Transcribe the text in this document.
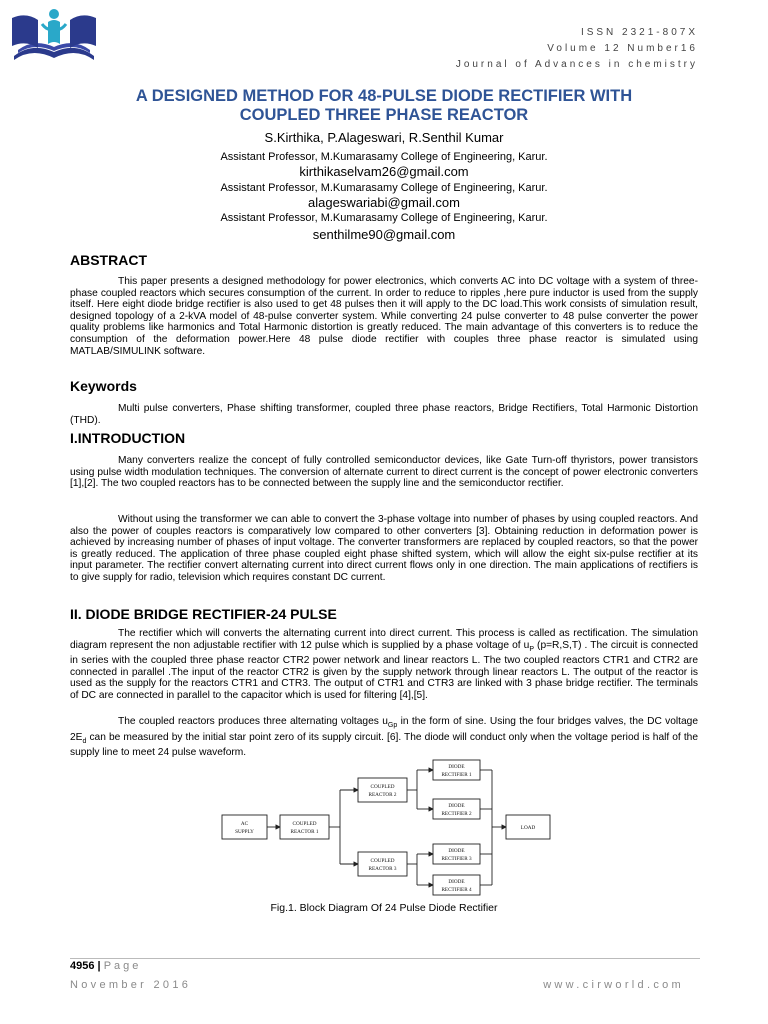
ISSN 2321-807X
Volume 12 Number16
Journal of Advances in chemistry
A DESIGNED METHOD FOR 48-PULSE DIODE RECTIFIER WITH
COUPLED THREE PHASE REACTOR
S.Kirthika, P.Alageswari, R.Senthil Kumar
Assistant Professor, M.Kumarasamy College of Engineering, Karur.
kirthikaselvam26@gmail.com
Assistant Professor, M.Kumarasamy College of Engineering, Karur.
alageswariabi@gmail.com
Assistant Professor, M.Kumarasamy College of Engineering, Karur.
senthilme90@gmail.com
ABSTRACT
This paper presents a designed methodology for power electronics, which converts AC into DC voltage with a system of three-phase coupled reactors which secures consumption of the current. In order to reduce to ripples ,here pure inductor is used from the supply itself. Here eight diode bridge rectifier is also used to get 48 pulses then it will apply to the DC load.This work consists of simulation result, designed topology of a 2-kVA model of 48-pulse converter system. While converting 24 pulse converter to 48 pulse converter the power quality problems like harmonics and Total Harmonic distortion is greatly reduced. The main advantage of this converters is to reduce the consumption of the deformation power.Here 48 pulse diode rectifier with couples three phase reactor is simulated using MATLAB/SIMULINK software.
Keywords
Multi pulse converters, Phase shifting transformer, coupled three phase reactors, Bridge Rectifiers, Total Harmonic Distortion (THD).
I.INTRODUCTION
Many converters realize the concept of fully controlled semiconductor devices, like Gate Turn-off thyristors, power transistors using pulse width modulation techniques. The conversion of alternate current to direct current is the concept of power electronic converters [1],[2]. The two coupled reactors has to be connected between the supply line and the semiconductor rectifier.
Without using the transformer we can able to convert the 3-phase voltage into number of phases by using coupled reactors. And also the power of couples reactors is comparatively low compared to other converters [3]. Obtaining reduction in deformation power is achieved by increasing number of phases of input voltage. The converter transformers are replaced by coupled reactors, so that the power is greatly reduced. The application of three phase coupled eight phase shifted system, which will allow the eight six-pulse rectifier at its input parameter. The rectifier convert alternating current into direct current flows only in one direction. The main applications of rectifiers is to give supply for radio, television which requires constant DC current.
II. DIODE BRIDGE RECTIFIER-24 PULSE
The rectifier which will converts the alternating current into direct current. This process is called as rectification. The simulation diagram represent the non adjustable rectifier with 12 pulse which is supplied by a phase voltage of $u_P$ (p=R,S,T) . The circuit is connected in series with the coupled three phase reactor CTR2 power network and linear reactors L. The two coupled reactors CTR1 and CTR2 are connected in parallel .The input of the reactor CTR2 is given by the supply network through linear reactors L. The output of the reactor is used as the supply for the reactors CTR1 and CTR3. The output of CTR1 and CTR3 are linked with 3 phase bridge rectifier. The terminals of DC are connected in parallel to the capacitor which is used for filtering [4],[5].
The coupled reactors produces three alternating voltages $u_{Gp}$ in the form of sine. Using the four bridges valves, the DC voltage $2E_d$ can be measured by the initial star point zero of its supply circuit. [6]. The diode will conduct only when the voltage period is half of the supply line to meet 24 pulse waveform.
AC
SUPPLY
COUPLED
REACTOR 1
COUPLED
REACTOR 2
COUPLED
REACTOR 3
DIODE
RECTIFIER 1
DIODE
RECTIFIER 2
DIODE
RECTIFIER 3
DIODE
RECTIFIER 4
LOAD
Fig.1. Block Diagram Of 24 Pulse Diode Rectifier
4956 | Page
November 2016	www.cirworld.com
